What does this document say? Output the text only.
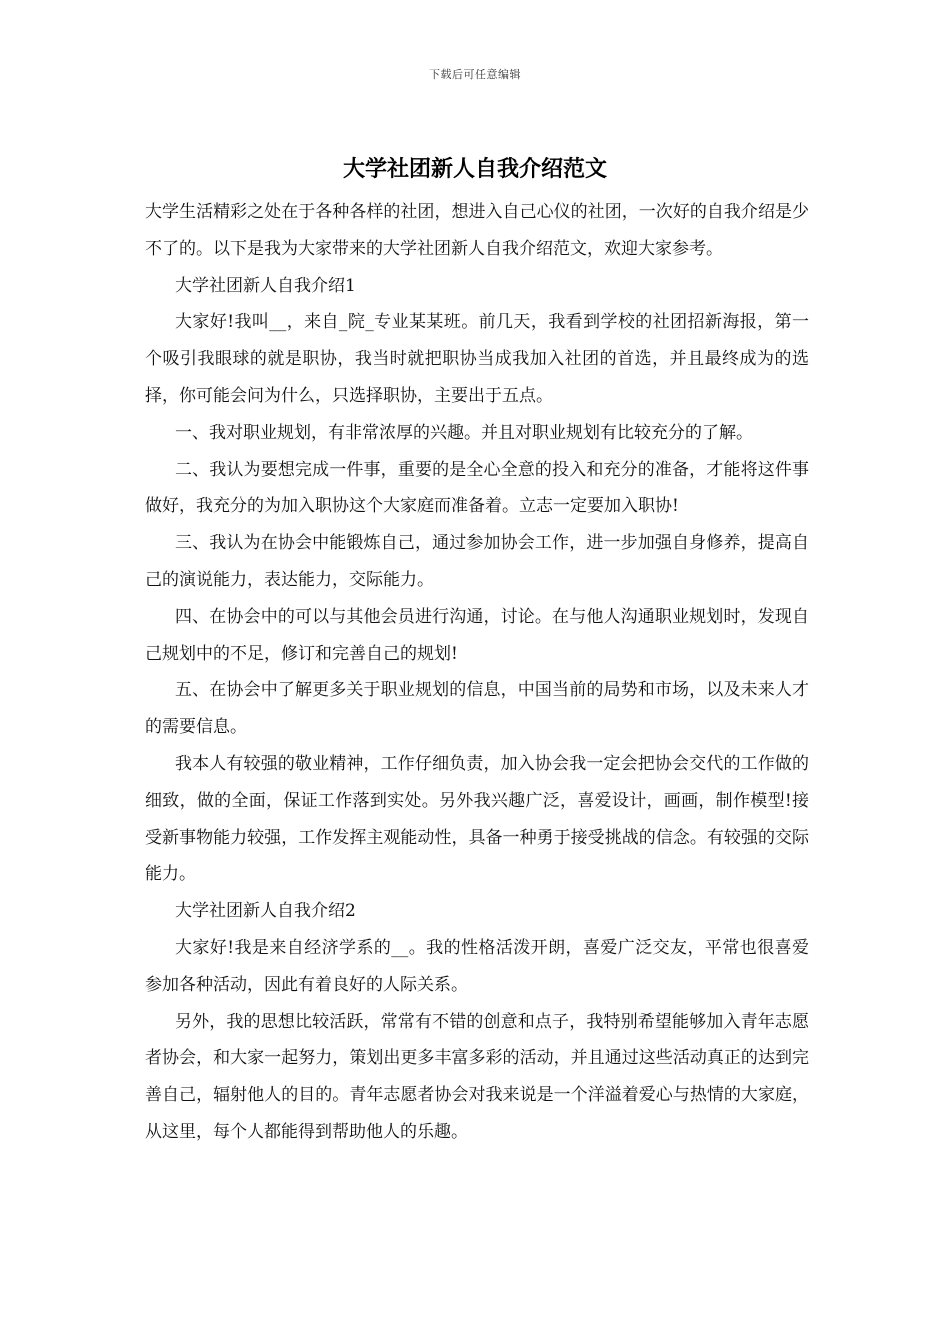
下载后可任意编辑
大学社团新人自我介绍范文

大学生活精彩之处在于各种各样的社团，想进入自己心仪的社团，一次好的自我介绍是少不了的。以下是我为大家带来的大学社团新人自我介绍范文，欢迎大家参考。

大学社团新人自我介绍1

大家好!我叫__，来自_院_专业某某班。前几天，我看到学校的社团招新海报，第一个吸引我眼球的就是职协，我当时就把职协当成我加入社团的首选，并且最终成为的选择，你可能会问为什么，只选择职协，主要出于五点。

一、我对职业规划，有非常浓厚的兴趣。并且对职业规划有比较充分的了解。

二、我认为要想完成一件事，重要的是全心全意的投入和充分的准备，才能将这件事做好，我充分的为加入职协这个大家庭而准备着。立志一定要加入职协!

三、我认为在协会中能锻炼自己，通过参加协会工作，进一步加强自身修养，提高自己的演说能力，表达能力，交际能力。

四、在协会中的可以与其他会员进行沟通，讨论。在与他人沟通职业规划时，发现自己规划中的不足，修订和完善自己的规划!

五、在协会中了解更多关于职业规划的信息，中国当前的局势和市场，以及未来人才的需要信息。

我本人有较强的敬业精神，工作仔细负责，加入协会我一定会把协会交代的工作做的细致，做的全面，保证工作落到实处。另外我兴趣广泛，喜爱设计，画画，制作模型!接受新事物能力较强，工作发挥主观能动性，具备一种勇于接受挑战的信念。有较强的交际能力。

大学社团新人自我介绍2

大家好!我是来自经济学系的__。我的性格活泼开朗，喜爱广泛交友，平常也很喜爱参加各种活动，因此有着良好的人际关系。

另外，我的思想比较活跃，常常有不错的创意和点子，我特别希望能够加入青年志愿者协会，和大家一起努力，策划出更多丰富多彩的活动，并且通过这些活动真正的达到完善自己，辐射他人的目的。青年志愿者协会对我来说是一个洋溢着爱心与热情的大家庭，从这里，每个人都能得到帮助他人的乐趣。
